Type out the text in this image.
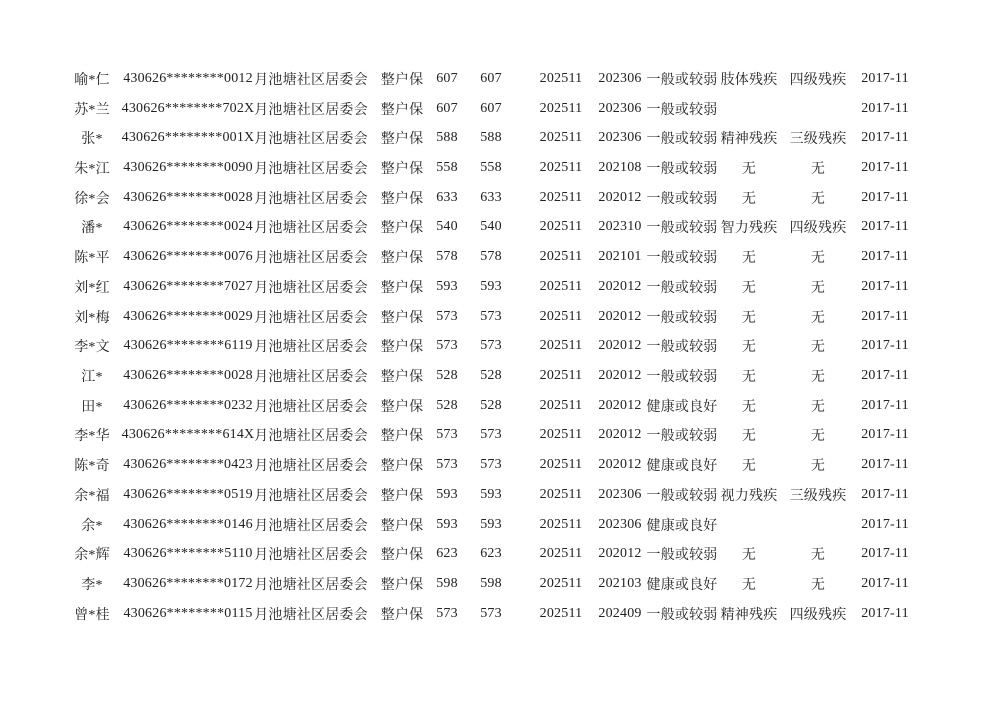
喻*仁 430626********0012 月池塘社区居委会 整户保 607 607	202511 202306 一般或较弱 肢体残疾 四级残疾 2017-11
苏*兰 430626********702X 月池塘社区居委会 整户保 607 607	202511 202306 一般或较弱	2017-11
张* 430626********001X 月池塘社区居委会 整户保 588 588	202511 202306 一般或较弱 精神残疾 三级残疾 2017-11
朱*江 430626********0090 月池塘社区居委会 整户保 558 558	202511 202108 一般或较弱 无	无	2017-11
徐*会 430626********0028 月池塘社区居委会 整户保 633 633	202511 202012 一般或较弱 无	无	2017-11
潘* 430626********0024 月池塘社区居委会 整户保 540 540	202511 202310 一般或较弱 智力残疾 四级残疾 2017-11
陈*平 430626********0076 月池塘社区居委会 整户保 578 578	202511 202101 一般或较弱 无	无	2017-11
刘*红 430626********7027 月池塘社区居委会 整户保 593 593	202511 202012 一般或较弱 无	无	2017-11
刘*梅 430626********0029 月池塘社区居委会 整户保 573 573	202511 202012 一般或较弱 无	无	2017-11
李*文 430626********6119 月池塘社区居委会 整户保 573 573	202511 202012 一般或较弱 无	无	2017-11
江* 430626********0028 月池塘社区居委会 整户保 528 528	202511 202012 一般或较弱 无	无	2017-11
田* 430626********0232 月池塘社区居委会 整户保 528 528	202511 202012 健康或良好 无	无	2017-11
李*华 430626********614X 月池塘社区居委会 整户保 573 573	202511 202012 一般或较弱 无	无	2017-11
陈*奇 430626********0423 月池塘社区居委会 整户保 573 573	202511 202012 健康或良好 无	无	2017-11
余*福 430626********0519 月池塘社区居委会 整户保 593 593	202511 202306 一般或较弱 视力残疾 三级残疾 2017-11
余* 430626********0146 月池塘社区居委会 整户保 593 593	202511 202306 健康或良好	2017-11
余*辉 430626********5110 月池塘社区居委会 整户保 623 623	202511 202012 一般或较弱 无	无	2017-11
李* 430626********0172 月池塘社区居委会 整户保 598 598	202511 202103 健康或良好 无	无	2017-11
曾*桂 430626********0115 月池塘社区居委会 整户保 573 573	202511 202409 一般或较弱 精神残疾 四级残疾 2017-11
